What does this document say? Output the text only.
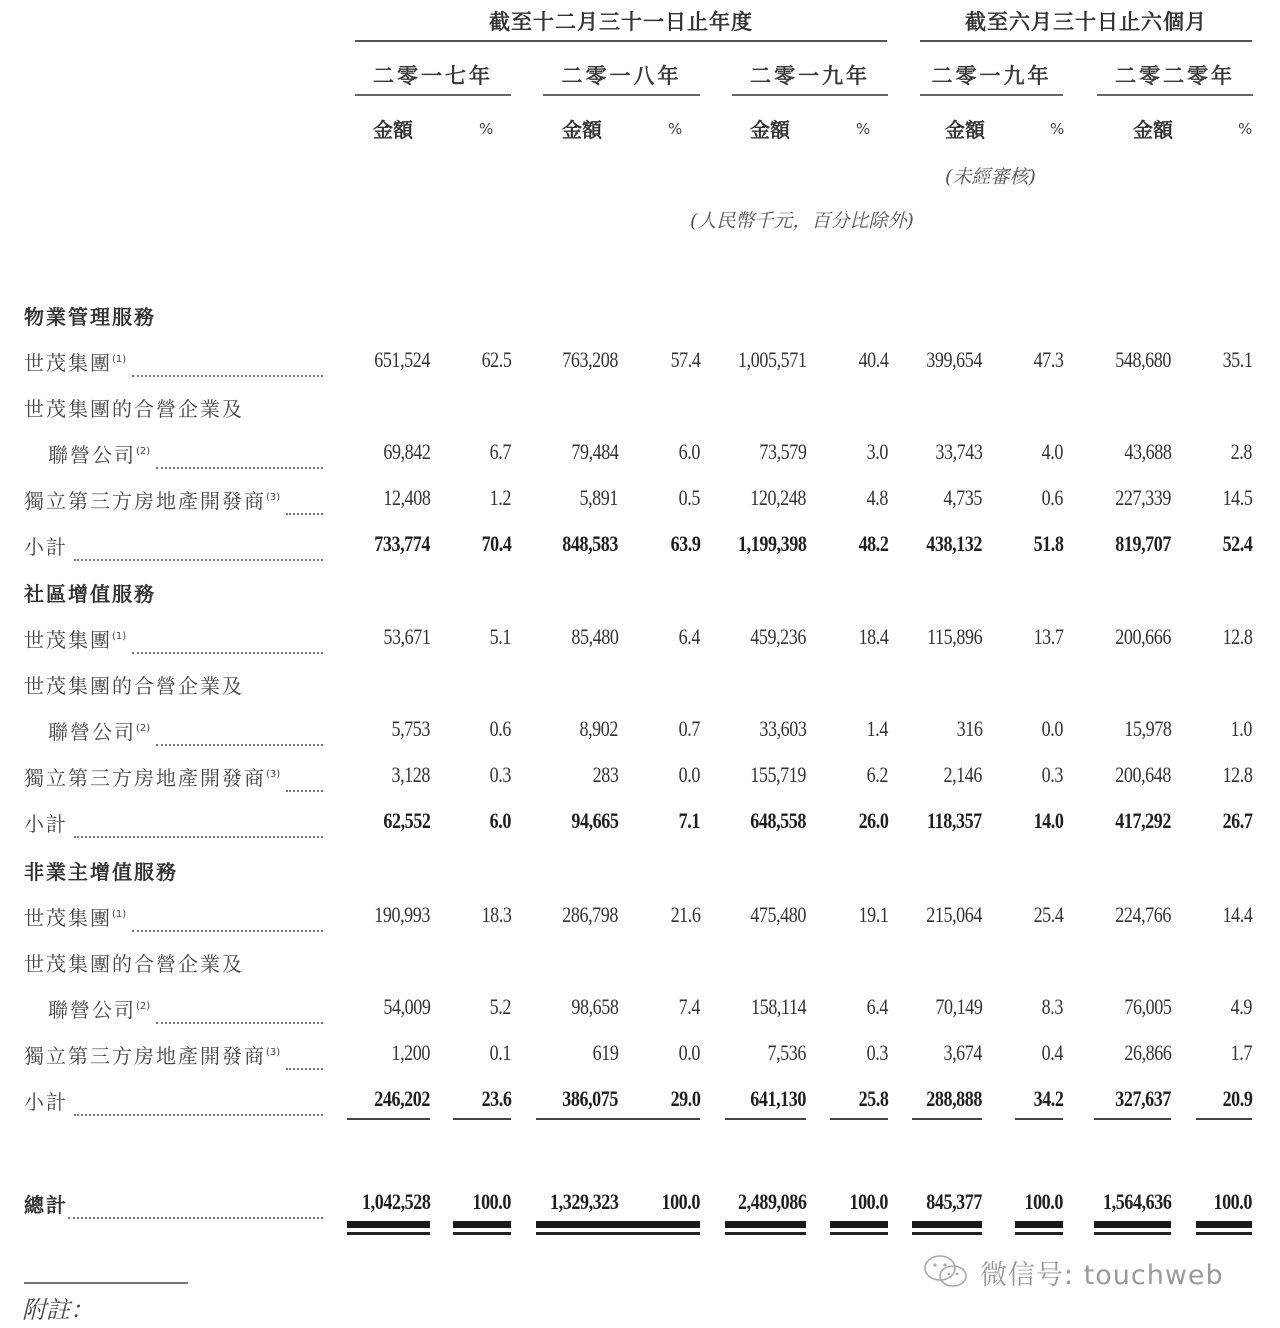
截至十二月三十一日止年度	截至六月三十日止六個月
二零一七年	二零一八年	二零一九年	二零一九年	二零二零年
金額	%	金額	%	金額	%	金額	%	金額	%
(未經審核)
(人民幣千元，百分比除外)
物業管理服務
世茂集團$^{(1)}$	651,524 62.5 763,208 57.4 1,005,571 40.4 399,654 47.3 548,680 35.1
世茂集團的合營企業及
聯營公司$^{(2)}$	69,842	6.7	79,484	6.0	73,579	3.0 33,743	4.0	43,688	2.8
獨立第三方房地產開發商$^{(3)}$	12,408	1.2	5,891	0.5 120,248	4.8	4,735	0.6 227,339 14.5
小計	733,774 70.4 848,583 63.9 1,199,398 48.2 438,132 51.8 819,707 52.4
社區增值服務
世茂集團$^{(1)}$	53,671	5.1	85,480	6.4 459,236 18.4 115,896 13.7 200,666 12.8
世茂集團的合營企業及
聯營公司$^{(2)}$	5,753	0.6	8,902	0.7	33,603	1.4	316	0.0	15,978	1.0
獨立第三方房地產開發商$^{(3)}$	3,128	0.3	283	0.0 155,719	6.2	2,146	0.3 200,648 12.8
小計	62,552	6.0	94,665	7.1 648,558 26.0 118,357 14.0 417,292 26.7
非業主增值服務
世茂集團$^{(1)}$	190,993 18.3 286,798 21.6 475,480 19.1 215,064 25.4 224,766 14.4
世茂集團的合營企業及
聯營公司$^{(2)}$	54,009	5.2	98,658	7.4 158,114	6.4 70,149	8.3	76,005	4.9
獨立第三方房地產開發商$^{(3)}$	1,200	0.1	619	0.0	7,536	0.3	3,674	0.4	26,866	1.7
小計	246,202 23.6 386,075 29.0 641,130 25.8 288,888 34.2 327,637 20.9
總計	1,042,528 100.0 1,329,323 100.0 2,489,086 100.0 845,377 100.0 1,564,636 100.0
附註：
微信号: touchweb
